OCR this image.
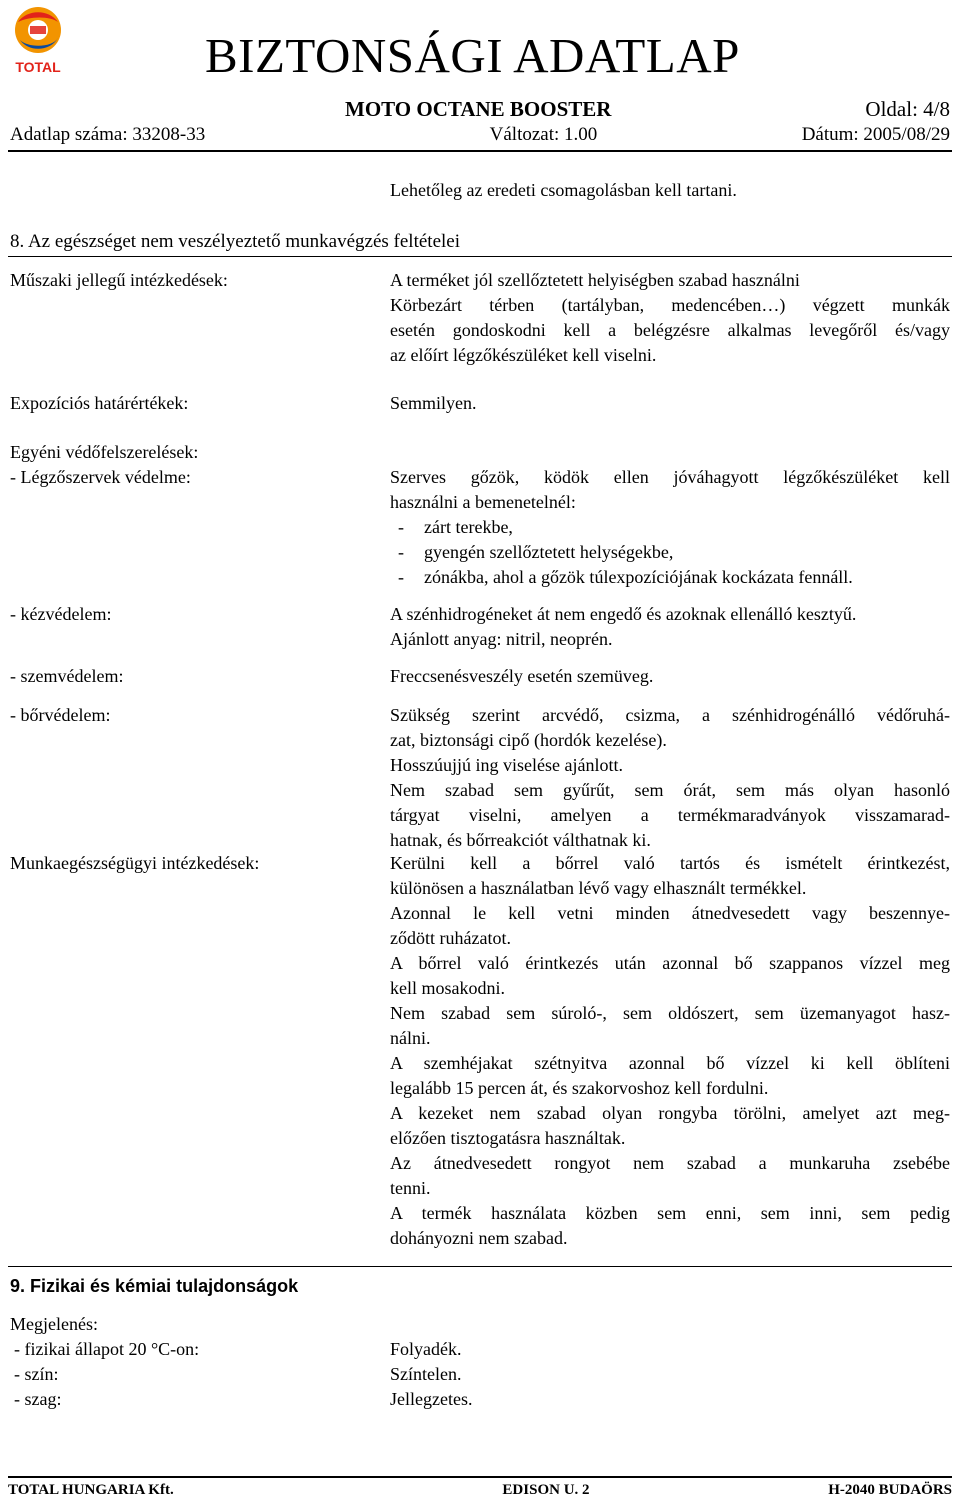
TOTAL	BIZTONSÁGI ADATLAP
MOTO OCTANE BOOSTER	Oldal: 4/8
Adatlap száma: 33208-33	Változat: 1.00	Dátum: 2005/08/29
Lehetőleg az eredeti csomagolásban kell tartani.
8. Az egészséget nem veszélyeztető munkavégzés feltételei
Műszaki jellegű intézkedések:	A terméket jól szellőztetett helyiségben szabad használni

Körbezárt térben (tartályban, medencében…) végzett munkák

esetén gondoskodni kell a belégzésre alkalmas levegőről és/vagy

az előírt légzőkészüléket kell viselni.

Expozíciós határértékek:	Semmilyen.
Egyéni védőfelszerelések:
- Légzőszervek védelme:	Szerves gőzök, ködök ellen jóváhagyott légzőkészüléket kell

használni a bemenetelnél:

-	zárt terekbe,
-	gyengén szellőztetett helységekbe,
-	zónákba, ahol a gőzök túlexpozíciójának kockázata fennáll.
- kézvédelem:	A szénhidrogéneket át nem engedő és azoknak ellenálló kesztyű.

Ajánlott anyag: nitril, neoprén.

- szemvédelem:	Freccsenésveszély esetén szemüveg.
- bőrvédelem:	Szükség szerint arcvédő, csizma, a szénhidrogénálló védőruhá-

zat, biztonsági cipő (hordók kezelése).

Hosszúujjú ing viselése ajánlott.

Nem szabad sem gyűrűt, sem órát, sem más olyan hasonló

tárgyat viselni, amelyen a termékmaradványok visszamarad-

hatnak, és bőrreakciót válthatnak ki.

Munkaegészségügyi intézkedések:	Kerülni kell a bőrrel való tartós és ismételt érintkezést,

különösen a használatban lévő vagy elhasznált termékkel.

Azonnal le kell vetni minden átnedvesedett vagy beszennye-

ződött ruházatot.

A bőrrel való érintkezés után azonnal bő szappanos vízzel meg

kell mosakodni.

Nem szabad sem súroló-, sem oldószert, sem üzemanyagot hasz-

nálni.

A szemhéjakat szétnyitva azonnal bő vízzel ki kell öblíteni

legalább 15 percen át, és szakorvoshoz kell fordulni.

A kezeket nem szabad olyan rongyba törölni, amelyet azt meg-

előzően tisztogatásra használtak.

Az átnedvesedett rongyot nem szabad a munkaruha zsebébe

tenni.

A termék használata közben sem enni, sem inni, sem pedig

dohányozni nem szabad.

9. Fizikai és kémiai tulajdonságok
Megjelenés:
- fizikai állapot 20 °C-on:	Folyadék.
- szín:	Színtelen.
- szag:	Jellegzetes.
TOTAL HUNGARIA Kft.	EDISON U. 2	H-2040 BUDAÖRS
